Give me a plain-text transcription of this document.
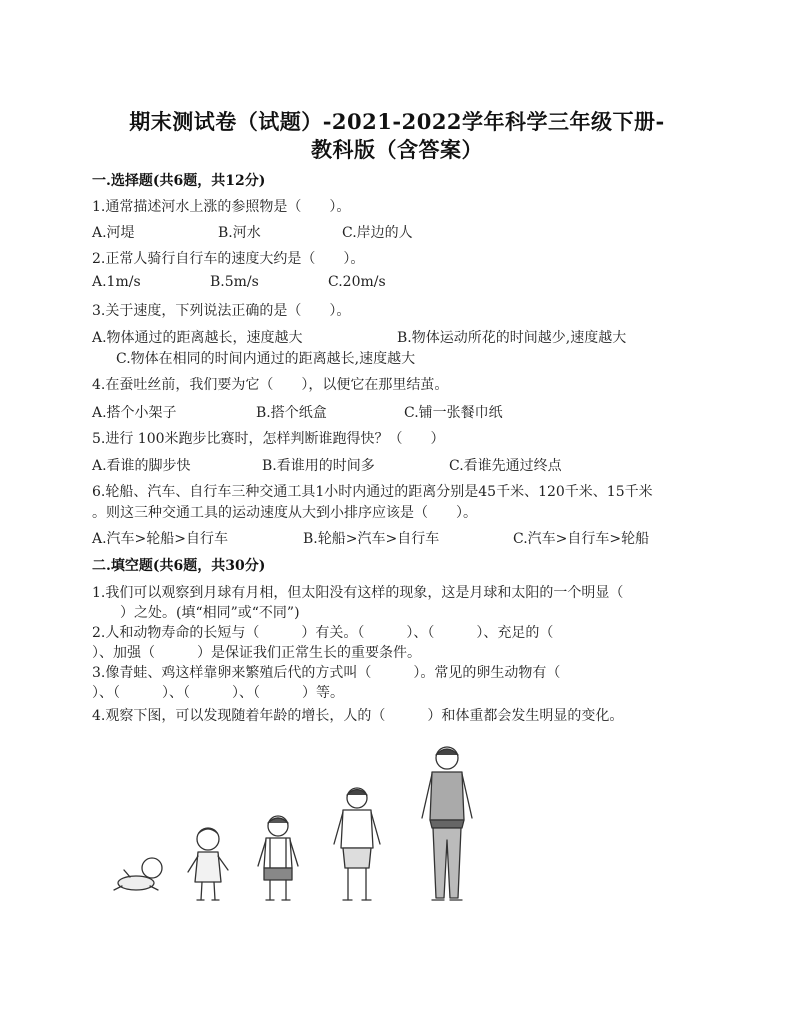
期末测试卷（试题）-2021-2022学年科学三年级下册-
教科版（含答案）
一.选择题(共6题，共12分)
1.通常描述河水上涨的参照物是（　　）。
A.河堤	B.河水	C.岸边的人
2.正常人骑行自行车的速度大约是（　　）。
A.1m/s	B.5m/s	C.20m/s
3.关于速度，下列说法正确的是（　　）。
A.物体通过的距离越长，速度越大	B.物体运动所花的时间越少,速度越大
C.物体在相同的时间内通过的距离越长,速度越大
4.在蚕吐丝前，我们要为它（　　），以便它在那里结茧。
A.搭个小架子	B.搭个纸盒	C.铺一张餐巾纸
5.进行 100米跑步比赛时，怎样判断谁跑得快？（　　）
A.看谁的脚步快	B.看谁用的时间多	C.看谁先通过终点
6.轮船、汽车、自行车三种交通工具1小时内通过的距离分别是45千米、120千米、15千米
。则这三种交通工具的运动速度从大到小排序应该是（　　）。
A.汽车>轮船>自行车	B.轮船>汽车>自行车	C.汽车>自行车>轮船
二.填空题(共6题，共30分)
1.我们可以观察到月球有月相，但太阳没有这样的现象，这是月球和太阳的一个明显（
　　）之处。(填“相同”或“不同”)
2.人和动物寿命的长短与（　　　）有关。（　　　）、（　　　）、充足的（
）、加强（　　　）是保证我们正常生长的重要条件。
3.像青蛙、鸡这样靠卵来繁殖后代的方式叫（　　　）。常见的卵生动物有（
）、（　　　）、（　　　）、（　　　）等。
4.观察下图，可以发现随着年龄的增长，人的（　　　）和体重都会发生明显的变化。
